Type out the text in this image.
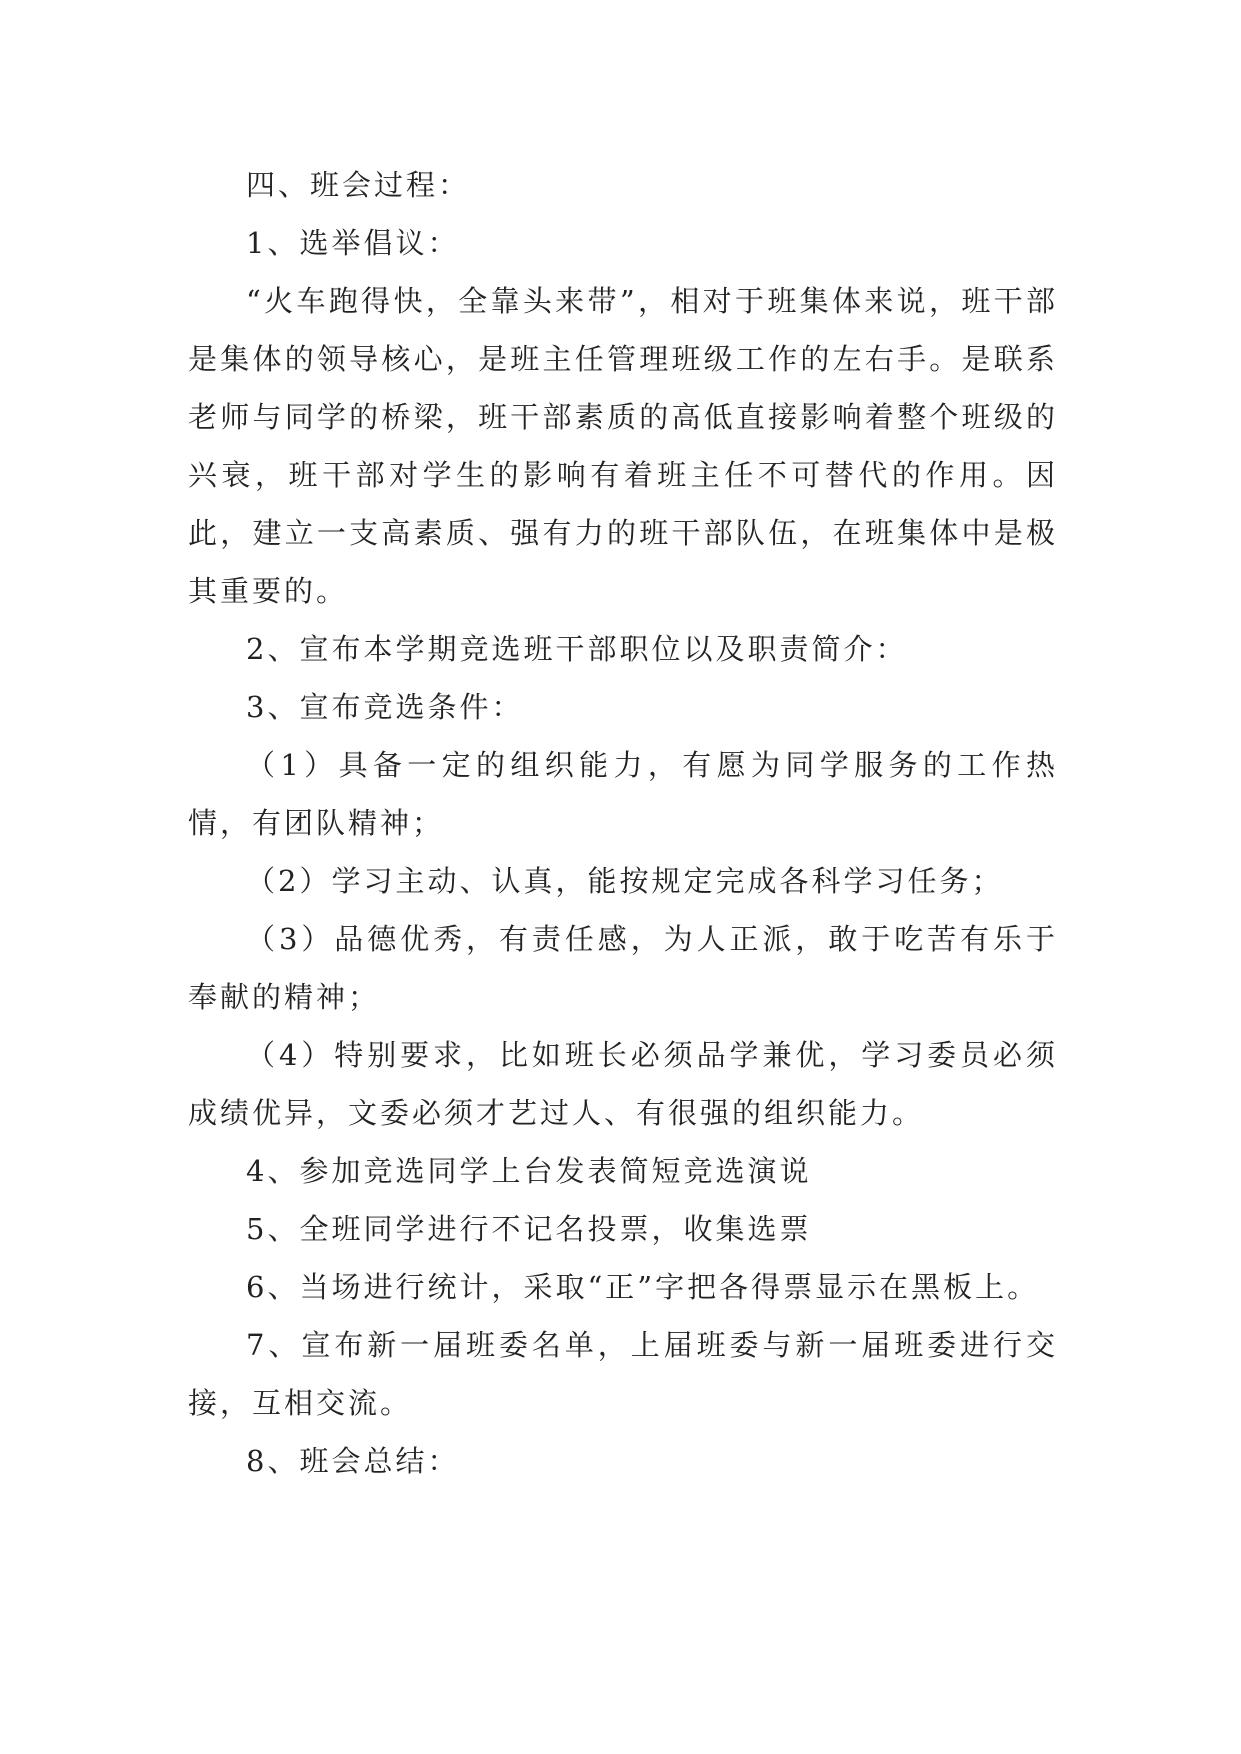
四、班会过程：

1、选举倡议：

“火车跑得快，全靠头来带”，相对于班集体来说，班干部是集体的领导核心，是班主任管理班级工作的左右手。是联系老师与同学的桥梁，班干部素质的高低直接影响着整个班级的兴衰，班干部对学生的影响有着班主任不可替代的作用。因此，建立一支高素质、强有力的班干部队伍，在班集体中是极其重要的。

2、宣布本学期竞选班干部职位以及职责简介：

3、宣布竞选条件：

（1）具备一定的组织能力，有愿为同学服务的工作热情，有团队精神；

（2）学习主动、认真，能按规定完成各科学习任务；

（3）品德优秀，有责任感，为人正派，敢于吃苦有乐于奉献的精神；

（4）特别要求，比如班长必须品学兼优，学习委员必须成绩优异，文委必须才艺过人、有很强的组织能力。

4、参加竞选同学上台发表简短竞选演说

5、全班同学进行不记名投票，收集选票

6、当场进行统计，采取“正”字把各得票显示在黑板上。

7、宣布新一届班委名单，上届班委与新一届班委进行交接，互相交流。

8、班会总结：
